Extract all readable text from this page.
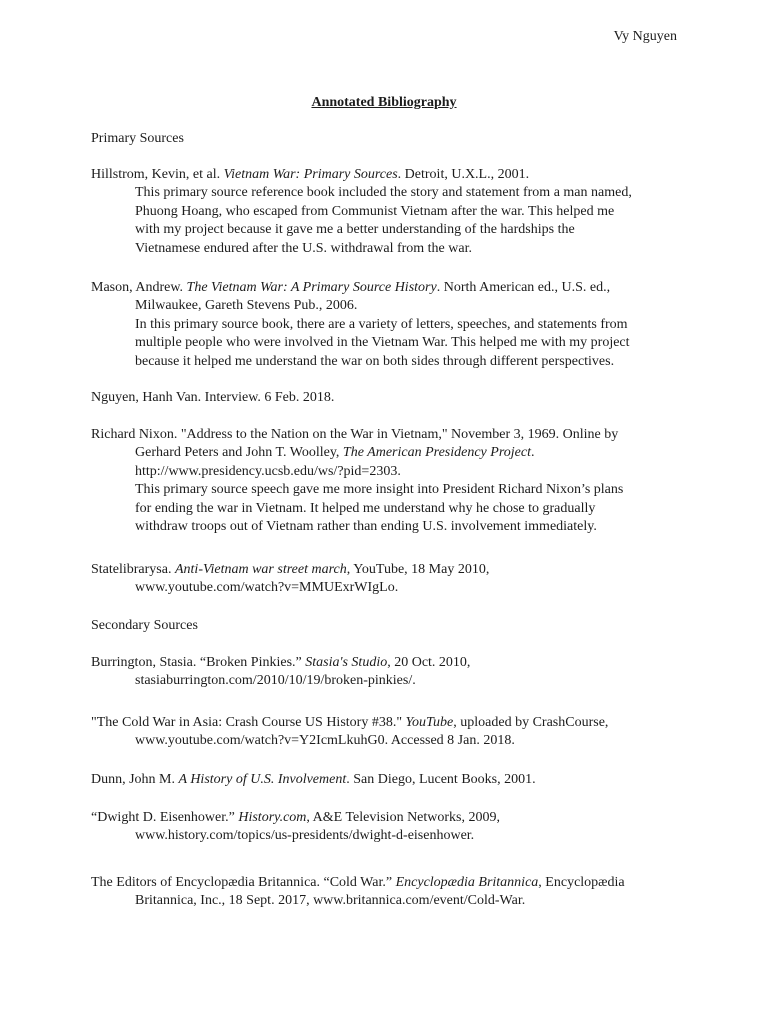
Vy Nguyen
Annotated Bibliography
Primary Sources
Secondary Sources
Hillstrom, Kevin, et al. Vietnam War: Primary Sources. Detroit, U.X.L., 2001.
This primary source reference book included the story and statement from a man named,
Phuong Hoang, who escaped from Communist Vietnam after the war. This helped me
with my project because it gave me a better understanding of the hardships the
Vietnamese endured after the U.S. withdrawal from the war.
Mason, Andrew. The Vietnam War: A Primary Source History. North American ed., U.S. ed.,
Milwaukee, Gareth Stevens Pub., 2006.
In this primary source book, there are a variety of letters, speeches, and statements from
multiple people who were involved in the Vietnam War. This helped me with my project
because it helped me understand the war on both sides through different perspectives.
Nguyen, Hanh Van. Interview. 6 Feb. 2018.
Richard Nixon. "Address to the Nation on the War in Vietnam," November 3, 1969. Online by
Gerhard Peters and John T. Woolley, The American Presidency Project.
http://www.presidency.ucsb.edu/ws/?pid=2303.
This primary source speech gave me more insight into President Richard Nixon’s plans
for ending the war in Vietnam. It helped me understand why he chose to gradually
withdraw troops out of Vietnam rather than ending U.S. involvement immediately.
Statelibrarysa. Anti-Vietnam war street march, YouTube, 18 May 2010,
www.youtube.com/watch?v=MMUExrWIgLo.
Burrington, Stasia. “Broken Pinkies.” Stasia's Studio, 20 Oct. 2010,
stasiaburrington.com/2010/10/19/broken-pinkies/.
"The Cold War in Asia: Crash Course US History #38." YouTube, uploaded by CrashCourse,
www.youtube.com/watch?v=Y2IcmLkuhG0. Accessed 8 Jan. 2018.
Dunn, John M. A History of U.S. Involvement. San Diego, Lucent Books, 2001.
“Dwight D. Eisenhower.” History.com, A&E Television Networks, 2009,
www.history.com/topics/us-presidents/dwight-d-eisenhower.
The Editors of Encyclopædia Britannica. “Cold War.” Encyclopædia Britannica, Encyclopædia
Britannica, Inc., 18 Sept. 2017, www.britannica.com/event/Cold-War.
